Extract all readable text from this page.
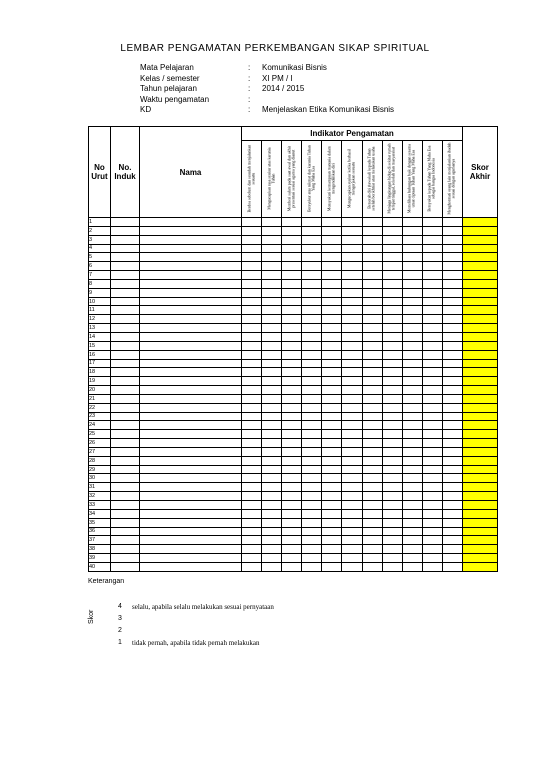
LEMBAR PENGAMATAN PERKEMBANGAN SIKAP SPIRITUAL
Mata Pelajaran	:	Komunikasi Bisnis
Kelas / semester	:	XI PM / I
Tahun pelajaran	:	2014 / 2015
Waktu pengamatan	:
KD	:	Menjelaskan Etika Komunikasi Bisnis
No Urut	No. Induk	Nama	Indikator Pengamatan											Skor Akhir

			Berdoa sebelum dan sesudah menjalankan sesuatu	Mengucapkan rasa syukur atas karunia Tuhan	Memberi salam pada saat awal dan akhir presentasi sesuai agama yang dianut	Bersyukur atas nikmat dan karunia Tuhan Yang Maha Esa	Mensyukuri kemampuan manusia dalam mengendalikan diri	Mengucapkan syukur ketika berhasil mengerjakan sesuatu	Berserah diri (tawakal) kepada Tuhan setelah berikhtiar atau melakukan usaha	Menjaga lingkungan hidup di sekitar rumah tempat tinggal, sekolah dan masyarakat	Memelihara hubungan baik dengan sesama umat ciptaan Tuhan Yang Maha Esa	Bersyukur kepada Tuhan Yang Maha Esa sebagai bangsa Indonesia	Menghormati orang lain menjalankan ibadah sesuai dengan agamanya	

1														
2														
3														
4														
5														
6														
7														
8														
9														
10														
11														
12														
13														
14														
15														
16														
17														
18														
19														
20														
21														
22														
23														
24														
25														
26														
27														
28														
29														
30														
31														
32														
33														
34														
35														
36														
37														
38														
39														
40														
Keterangan
Skor
4	selalu, apabila selalu melakukan sesuai pernyataan
3
2
1	tidak pernah, apabila tidak pernah melakukan
